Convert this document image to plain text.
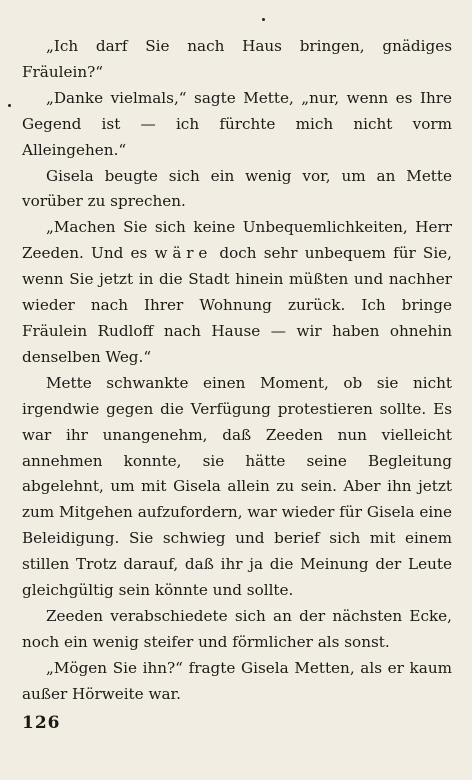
„Ich darf Sie nach Haus bringen, gnädiges Fräulein?“

„Danke vielmals,“ sagte Mette, „nur, wenn es Ihre Gegend ist — ich fürchte mich nicht vorm Alleingehen.“

Gisela beugte sich ein wenig vor, um an Mette vorüber zu sprechen.

„Machen Sie sich keine Unbequemlichkeiten, Herr Zeeden. Und es wäre doch sehr unbequem für Sie, wenn Sie jetzt in die Stadt hinein müßten und nachher wieder nach Ihrer Wohnung zurück. Ich bringe Fräulein Rudloff nach Hause — wir haben ohnehin denselben Weg.“

Mette schwankte einen Moment, ob sie nicht irgendwie gegen die Verfügung protestieren sollte. Es war ihr unangenehm, daß Zeeden nun vielleicht annehmen konnte, sie hätte seine Begleitung abgelehnt, um mit Gisela allein zu sein. Aber ihn jetzt zum Mitgehen aufzufordern, war wieder für Gisela eine Beleidigung. Sie schwieg und berief sich mit einem stillen Trotz darauf, daß ihr ja die Meinung der Leute gleichgültig sein könnte und sollte.

Zeeden verabschiedete sich an der nächsten Ecke, noch ein wenig steifer und förmlicher als sonst.

„Mögen Sie ihn?“ fragte Gisela Metten, als er kaum außer Hörweite war.

126
